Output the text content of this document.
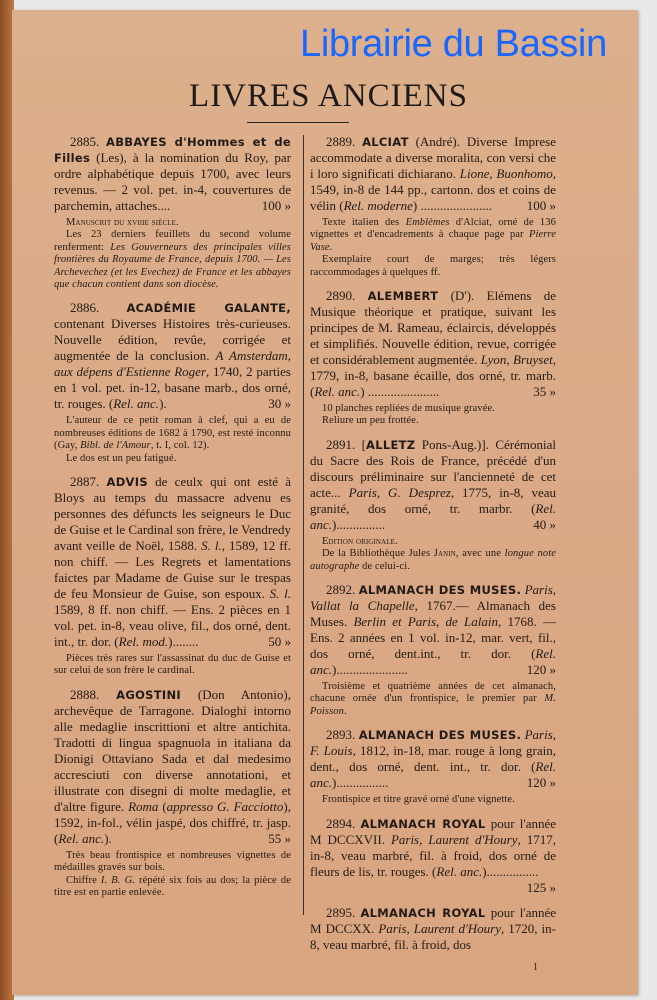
LIVRES ANCIENS

2885. ABBAYES d'Hommes et de Filles (Les), à la nomination du Roy, par ordre alphabétique depuis 1700, avec leurs revenus. — 2 vol. pet. in-4, couvertures de parchemin, attaches....	100 »

Manuscrit du xviiie siècle.

Les 23 derniers feuillets du second volume renferment: Les Gouverneurs des principales villes frontières du Royaume de France, depuis 1700. — Les Archevechez (et les Evechez) de France et les abbayes que chacun contient dans son diocèse.

2886. ACADÉMIE GALANTE, contenant Diverses Histoires très-curieuses. Nouvelle édition, revûe, corrigée et augmentée de la conclusion. A Amsterdam, aux dépens d'Estienne Roger, 1740, 2 parties en 1 vol. pet. in-12, basane marb., dos orné, tr. rouges. (Rel. anc.).	30 »

L'auteur de ce petit roman à clef, qui a eu de nombreuses éditions de 1682 à 1790, est resté inconnu (Gay, Bibl. de l'Amour, t. I, col. 12).

Le dos est un peu fatigué.

2887. ADVIS de ceulx qui ont esté à Bloys au temps du massacre advenu es personnes des défuncts les seigneurs le Duc de Guise et le Cardinal son frère, le Vendredy avant veille de Noël, 1588. S. l., 1589, 12 ff. non chiff. — Les Regrets et lamentations faictes par Madame de Guise sur le trespas de feu Monsieur de Guise, son espoux. S. l. 1589, 8 ff. non chiff. — Ens. 2 pièces en 1 vol. pet. in-8, veau olive, fil., dos orné, dent. int., tr. dor. (Rel. mod.)........	50 »

Pièces très rares sur l'assassinat du duc de Guise et sur celui de son frère le cardinal.

2888. AGOSTINI (Don Antonio), archevêque de Tarragone. Dialoghi intorno alle medaglie inscrittioni et altre antichita. Tradotti di lingua spagnuola in italiana da Dionigi Ottaviano Sada et dal medesimo accresciuti con diverse annotationi, et illustrate con disegni di molte medaglie, et d'altre figure. Roma (appresso G. Facciotto), 1592, in-fol., vélin jaspé, dos chiffré, tr. jasp. (Rel. anc.).	55 »

Très beau frontispice et nombreuses vignettes de médailles gravés sur bois.

Chiffre I. B. G. répété six fois au dos; la pièce de titre est en partie enlevée.

2889. ALCIAT (André). Diverse Imprese accommodate a diverse moralita, con versi che i loro significati dichiarano. Lione, Buonhomo, 1549, in-8 de 144 pp., cartonn. dos et coins de vélin (Rel. moderne) ......................	100 »

Texte italien des Emblèmes d'Alciat, orné de 136 vignettes et d'encadrements à chaque page par Pierre Vase.

Exemplaire court de marges; très légers raccommodages à quelques ff.

2890. ALEMBERT (D'). Elémens de Musique théorique et pratique, suivant les principes de M. Rameau, éclaircis, développés et simplifiés. Nouvelle édition, revue, corrigée et considérablement augmentée. Lyon, Bruyset, 1779, in-8, basane écaille, dos orné, tr. marb. (Rel. anc.) ......................	35 »

10 planches repliées de musique gravée.

Reliure un peu frottée.

2891. [ALLETZ Pons-Aug.)]. Cérémonial du Sacre des Rois de France, précédé d'un discours préliminaire sur l'ancienneté de cet acte... Paris, G. Desprez, 1775, in-8, veau granité, dos orné, tr. marbr. (Rel. anc.)...............	40 »

Edition originale.

De la Bibliothèque Jules Janin, avec une longue note autographe de celui-ci.

2892. ALMANACH DES MUSES. Paris, Vallat la Chapelle, 1767.— Almanach des Muses. Berlin et Paris, de Lalain, 1768. — Ens. 2 années en 1 vol. in-12, mar. vert, fil., dos orné, dent.int., tr. dor. (Rel. anc.)......................	120 »

Troisième et quatrième années de cet almanach, chacune ornée d'un frontispice, le premier par M. Poisson.

2893. ALMANACH DES MUSES. Paris, F. Louis, 1812, in-18, mar. rouge à long grain, dent., dos orné, dent. int., tr. dor. (Rel. anc.)................	120 »

Frontispice et titre gravé orné d'une vignette.

2894. ALMANACH ROYAL pour l'année M DCCXVII. Paris, Laurent d'Houry, 1717, in-8, veau marbré, fil. à froid, dos orné de fleurs de lis, tr. rouges. (Rel. anc.)................
125 »

2895. ALMANACH ROYAL pour l'année M DCCXX. Paris, Laurent d'Houry, 1720, in-8, veau marbré, fil. à froid, dos

1
Librairie du Bassin
